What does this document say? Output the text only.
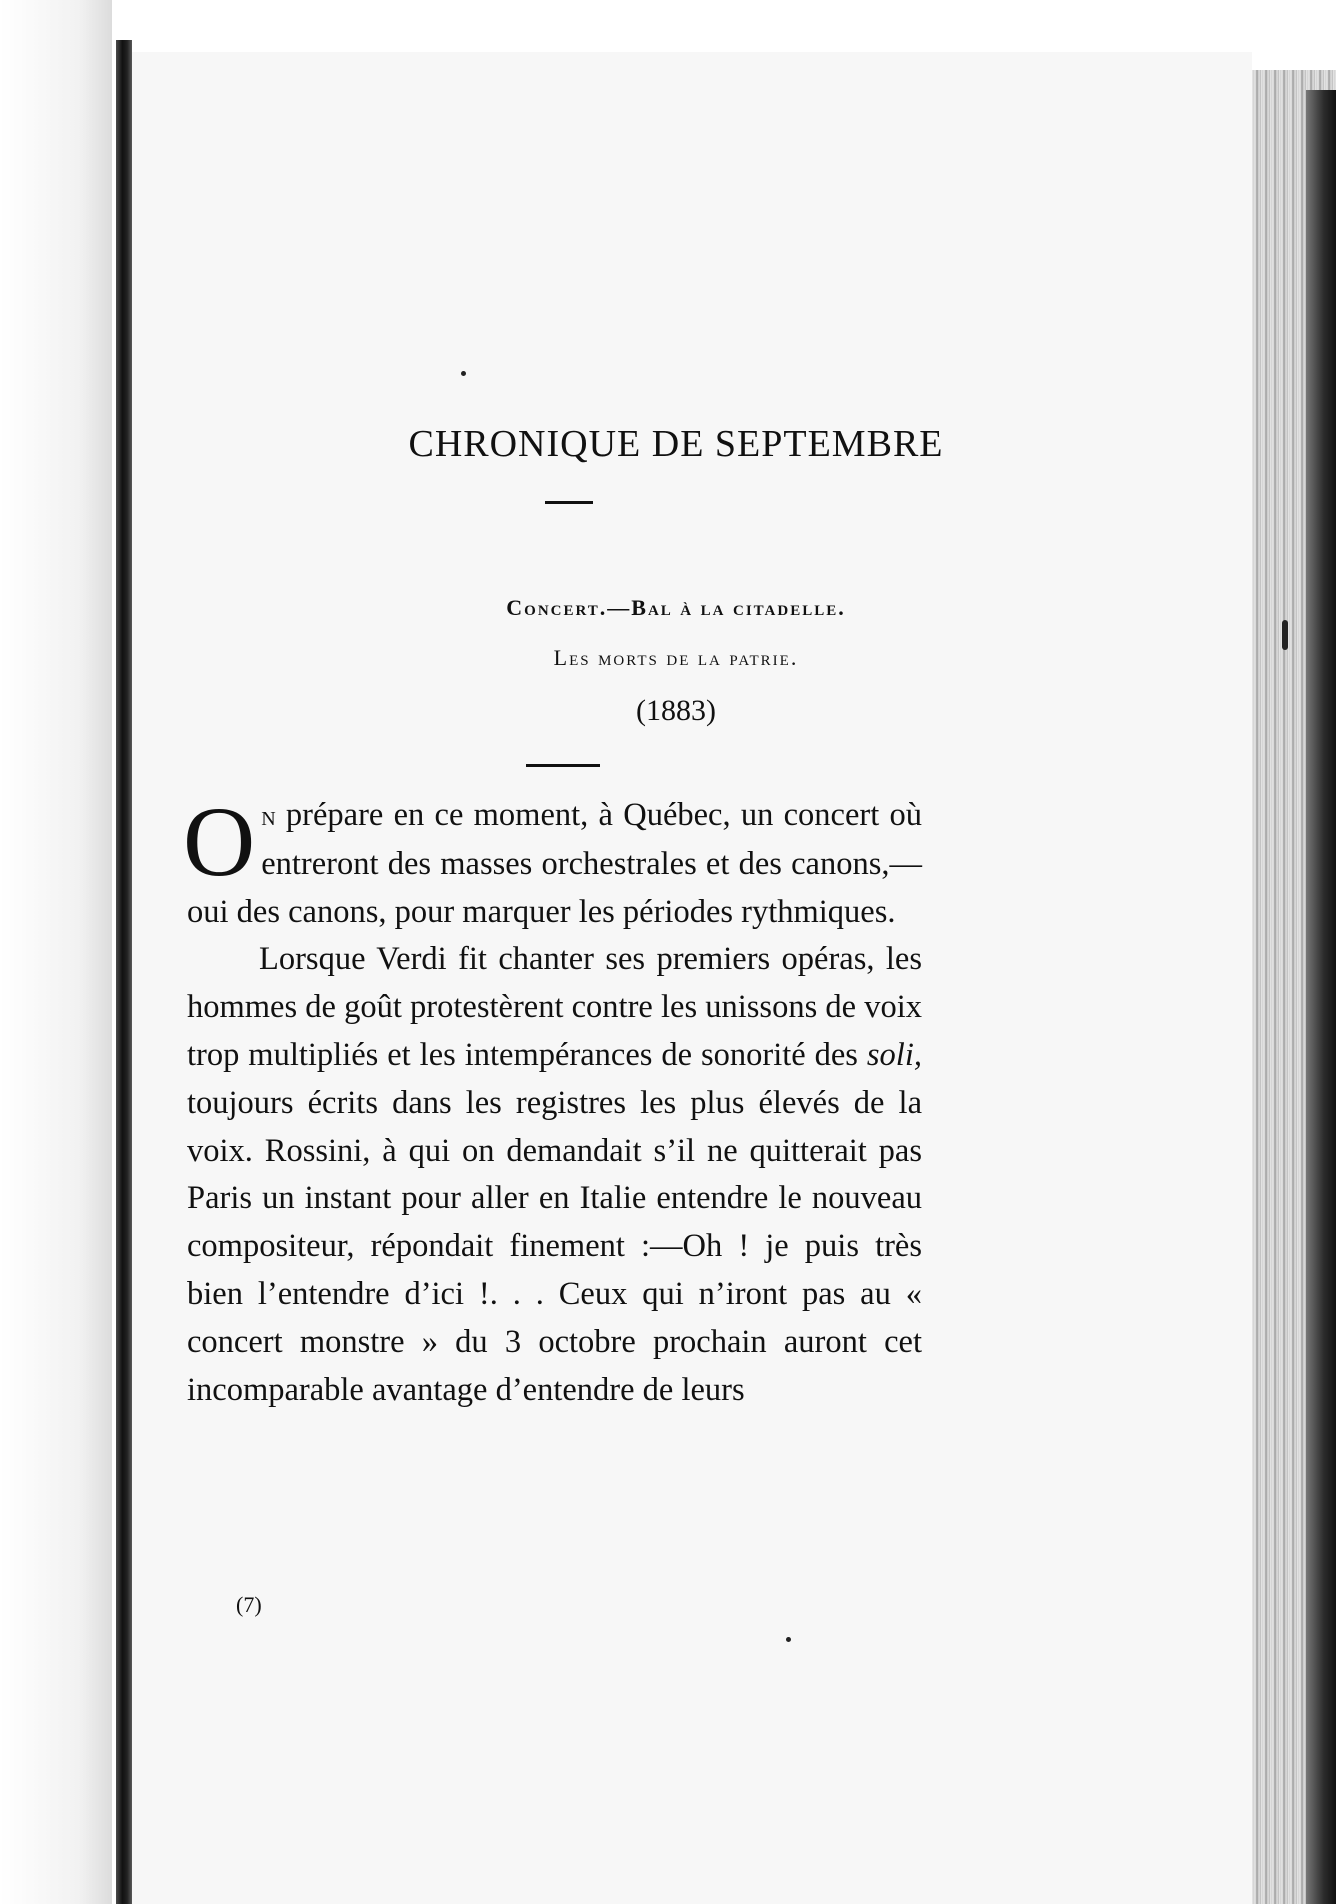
CHRONIQUE DE SEPTEMBRE

Concert.—Bal à la citadelle.

Les morts de la patrie.

(1883)

On prépare en ce moment, à Québec, un concert où entreront des masses orchestrales et des canons,—oui des canons, pour marquer les périodes rythmiques.

Lorsque Verdi fit chanter ses premiers opéras, les hommes de goût protestèrent contre les unissons de voix trop multipliés et les intempérances de sonorité des soli, toujours écrits dans les registres les plus élevés de la voix. Rossini, à qui on demandait s’il ne quitterait pas Paris un instant pour aller en Italie entendre le nouveau compositeur, répondait finement :—Oh ! je puis très bien l’entendre d’ici !. . . Ceux qui n’iront pas au « concert monstre » du 3 octobre prochain auront cet incomparable avantage d’entendre de leurs

(7)
